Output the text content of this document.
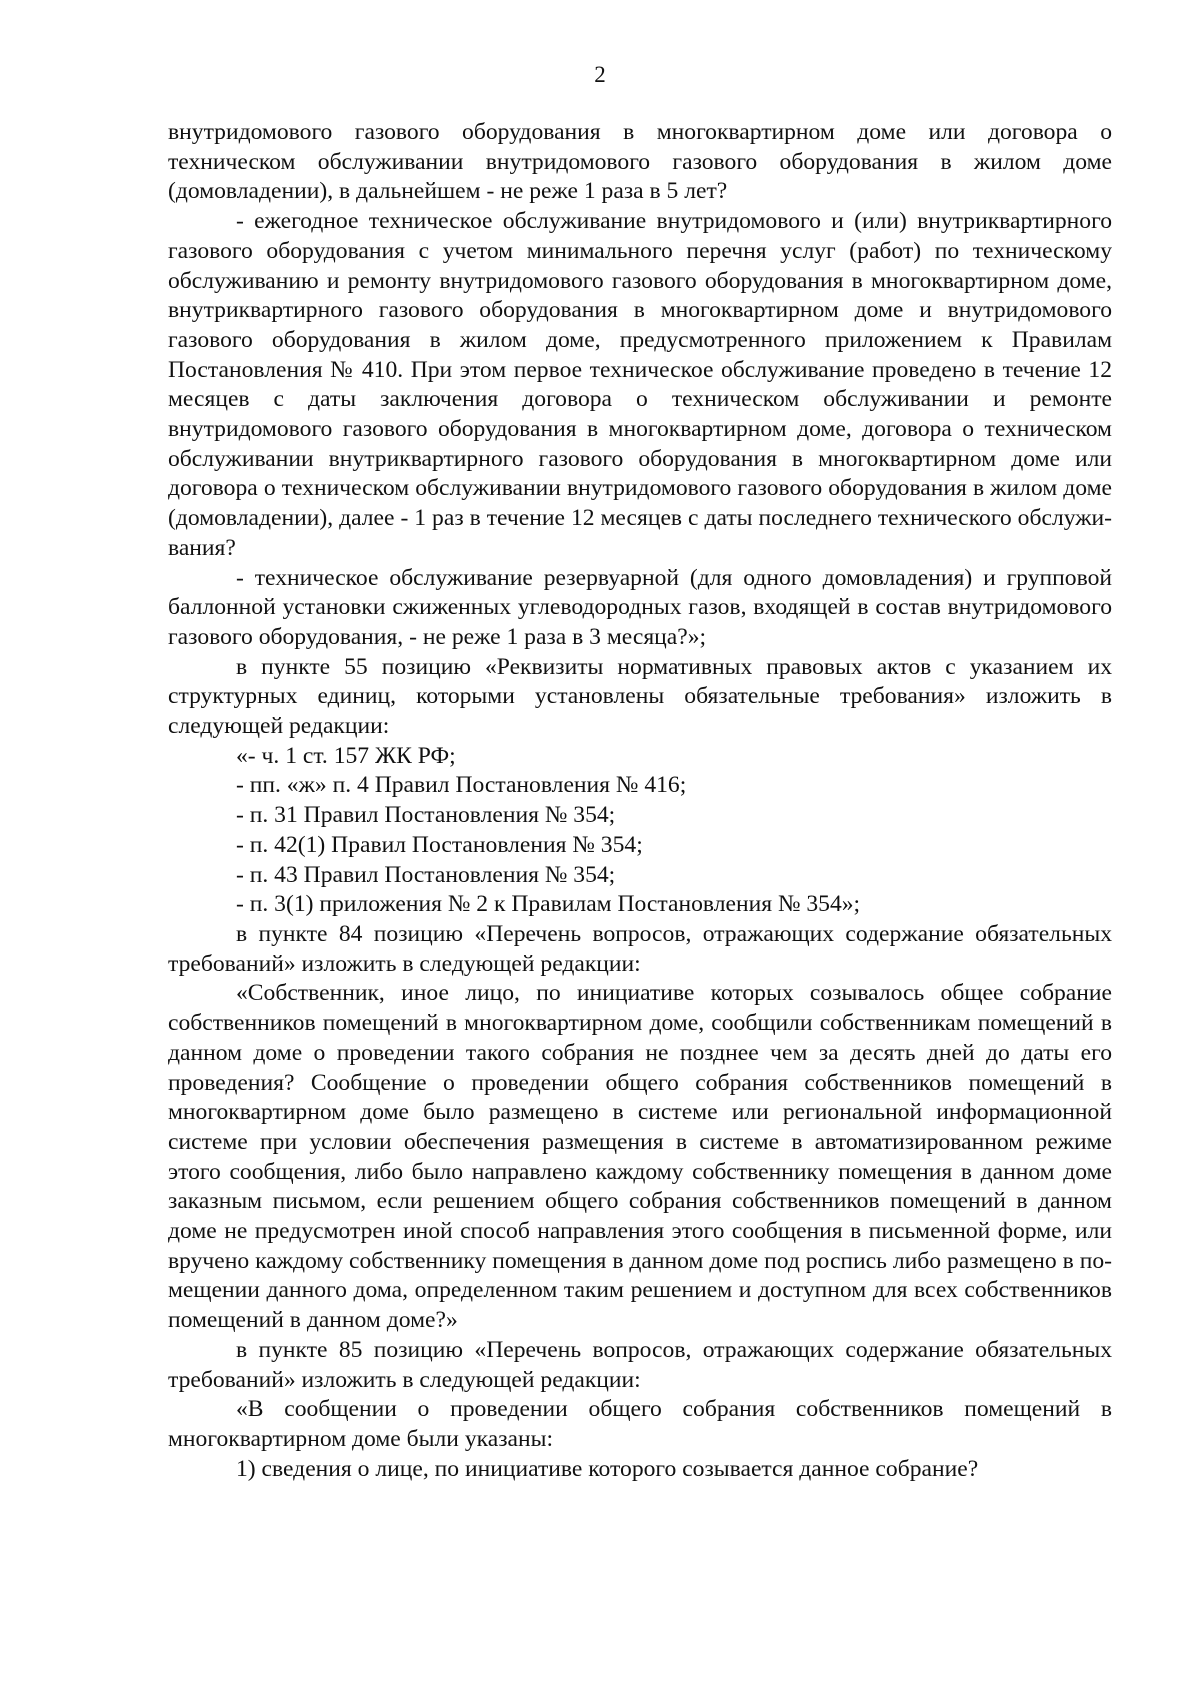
2

внутридомового газового оборудования в многоквартирном доме или договора о техническом обслуживании внутридомового газового оборудования в жилом доме (домовладении), в дальнейшем - не реже 1 раза в 5 лет?

- ежегодное техническое обслуживание внутридомового и (или) внутриквартирного газового оборудования с учетом минимального перечня услуг (работ) по техническому обслуживанию и ремонту внутридомового газового оборудования в многоквартирном доме, внутриквартирного газового оборудования в многоквартирном доме и внутридомового газового оборудования в жилом доме, предусмотренного приложением к Правилам Постановления № 410. При этом первое техническое обслуживание проведено в течение 12 месяцев с даты заключения договора о техническом обслуживании и ремонте внутридомового газового оборудования в многоквартирном доме, договора о техническом обслуживании внутриквартирного газового оборудования в многоквартирном доме или договора о техническом обслуживании внутридомового газового оборудования в жилом доме (домовладении), далее - 1 раз в течение 12 месяцев с даты последнего технического обслуживания?

- техническое обслуживание резервуарной (для одного домовладения) и групповой баллонной установки сжиженных углеводородных газов, входящей в состав внутридомового газового оборудования, - не реже 1 раза в 3 месяца?»;

в пункте 55 позицию «Реквизиты нормативных правовых актов с указанием их структурных единиц, которыми установлены обязательные требования» изложить в следующей редакции:

«- ч. 1 ст. 157 ЖК РФ;

- пп. «ж» п. 4 Правил Постановления № 416;

- п. 31 Правил Постановления № 354;

- п. 42(1) Правил Постановления № 354;

- п. 43 Правил Постановления № 354;

- п. 3(1) приложения № 2 к Правилам Постановления № 354»;

в пункте 84 позицию «Перечень вопросов, отражающих содержание обязательных требований» изложить в следующей редакции:

«Собственник, иное лицо, по инициативе которых созывалось общее собрание собственников помещений в многоквартирном доме, сообщили собственникам помещений в данном доме о проведении такого собрания не позднее чем за десять дней до даты его проведения? Сообщение о проведении общего собрания собственников помещений в многоквартирном доме было размещено в системе или региональной информационной системе при условии обеспечения размещения в системе в автоматизированном режиме этого сообщения, либо было направлено каждому собственнику помещения в данном доме заказным письмом, если решением общего собрания собственников помещений в данном доме не предусмотрен иной способ направления этого сообщения в письменной форме, или вручено каждому собственнику помещения в данном доме под роспись либо размещено в помещении данного дома, определенном таким решением и доступном для всех собственников помещений в данном доме?»

в пункте 85 позицию «Перечень вопросов, отражающих содержание обязательных требований» изложить в следующей редакции:

«В сообщении о проведении общего собрания собственников помещений в многоквартирном доме были указаны:

1) сведения о лице, по инициативе которого созывается данное собрание?
